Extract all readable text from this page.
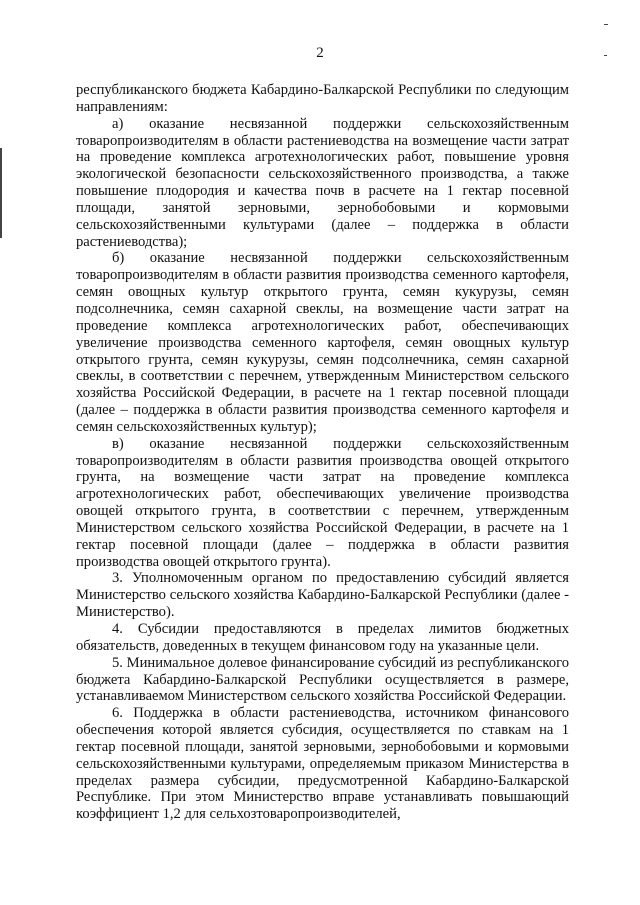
2

республиканского бюджета Кабардино-Балкарской Республики по следующим направлениям:

а) оказание несвязанной поддержки сельскохозяйственным товаропроизводителям в области растениеводства на возмещение части затрат на проведение комплекса агротехнологических работ, повышение уровня экологической безопасности сельскохозяйственного производства, а также повышение плодородия и качества почв в расчете на 1 гектар посевной площади, занятой зерновыми, зернобобовыми и кормовыми сельскохозяйственными культурами (далее – поддержка в области растениеводства);

б) оказание несвязанной поддержки сельскохозяйственным товаропроизводителям в области развития производства семенного картофеля, семян овощных культур открытого грунта, семян кукурузы, семян подсолнечника, семян сахарной свеклы, на возмещение части затрат на проведение комплекса агротехнологических работ, обеспечивающих увеличение производства семенного картофеля, семян овощных культур открытого грунта, семян кукурузы, семян подсолнечника, семян сахарной свеклы, в соответствии с перечнем, утвержденным Министерством сельского хозяйства Российской Федерации, в расчете на 1 гектар посевной площади (далее – поддержка в области развития производства семенного картофеля и семян сельскохозяйственных культур);

в) оказание несвязанной поддержки сельскохозяйственным товаропроизводителям в области развития производства овощей открытого грунта, на возмещение части затрат на проведение комплекса агротехнологических работ, обеспечивающих увеличение производства овощей открытого грунта, в соответствии с перечнем, утвержденным Министерством сельского хозяйства Российской Федерации, в расчете на 1 гектар посевной площади (далее – поддержка в области развития производства овощей открытого грунта).

3. Уполномоченным органом по предоставлению субсидий является Министерство сельского хозяйства Кабардино-Балкарской Республики (далее - Министерство).

4. Субсидии предоставляются в пределах лимитов бюджетных обязательств, доведенных в текущем финансовом году на указанные цели.

5. Минимальное долевое финансирование субсидий из республиканского бюджета Кабардино-Балкарской Республики осуществляется в размере, устанавливаемом Министерством сельского хозяйства Российской Федерации.

6. Поддержка в области растениеводства, источником финансового обеспечения которой является субсидия, осуществляется по ставкам на 1 гектар посевной площади, занятой зерновыми, зернобобовыми и кормовыми сельскохозяйственными культурами, определяемым приказом Министерства в пределах размера субсидии, предусмотренной Кабардино-Балкарской Республике. При этом Министерство вправе устанавливать повышающий коэффициент 1,2 для сельхозтоваропроизводителей,
